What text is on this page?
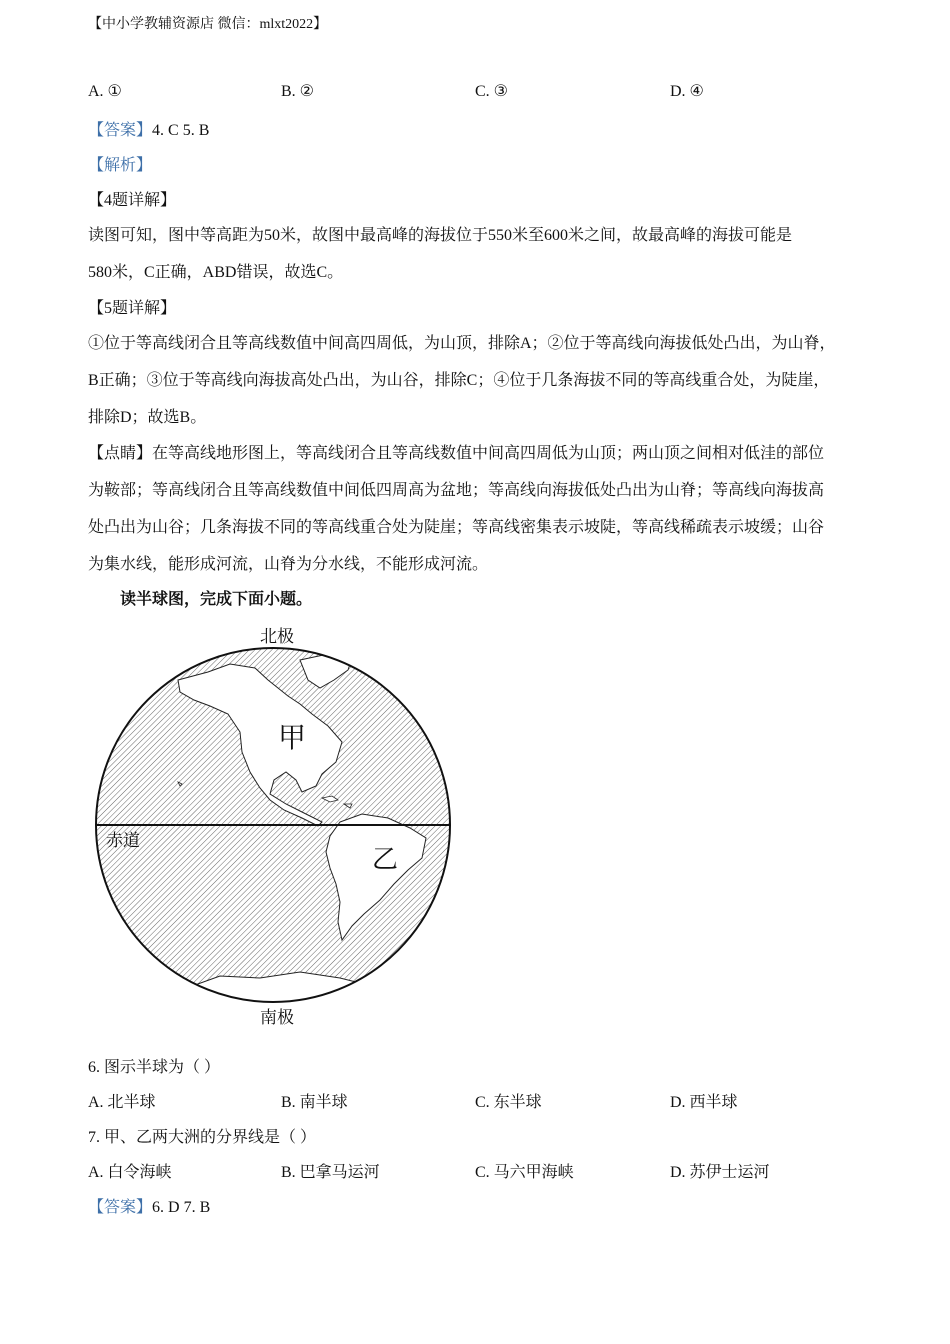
【中小学教辅资源店 微信：mlxt2022】
A. ①	B. ②	C. ③	D. ④
【答案】4. C 5. B
【解析】
【4题详解】
读图可知，图中等高距为50米，故图中最高峰的海拔位于550米至600米之间，故最高峰的海拔可能是
580米，C正确，ABD错误，故选C。
【5题详解】
①位于等高线闭合且等高线数值中间高四周低，为山顶，排除A；②位于等高线向海拔低处凸出，为山脊，
B正确；③位于等高线向海拔高处凸出，为山谷，排除C；④位于几条海拔不同的等高线重合处，为陡崖，
排除D；故选B。
【点睛】在等高线地形图上，等高线闭合且等高线数值中间高四周低为山顶；两山顶之间相对低洼的部位
为鞍部；等高线闭合且等高线数值中间低四周高为盆地；等高线向海拔低处凸出为山脊；等高线向海拔高
处凸出为山谷；几条海拔不同的等高线重合处为陡崖；等高线密集表示坡陡，等高线稀疏表示坡缓；山谷
为集水线，能形成河流，山脊为分水线，不能形成河流。
读半球图，完成下面小题。
北极
南极
赤道
甲
乙
6. 图示半球为（ ）
A. 北半球	B. 南半球	C. 东半球	D. 西半球
7. 甲、乙两大洲的分界线是（ ）
A. 白令海峡	B. 巴拿马运河	C. 马六甲海峡	D. 苏伊士运河
【答案】6. D 7. B
